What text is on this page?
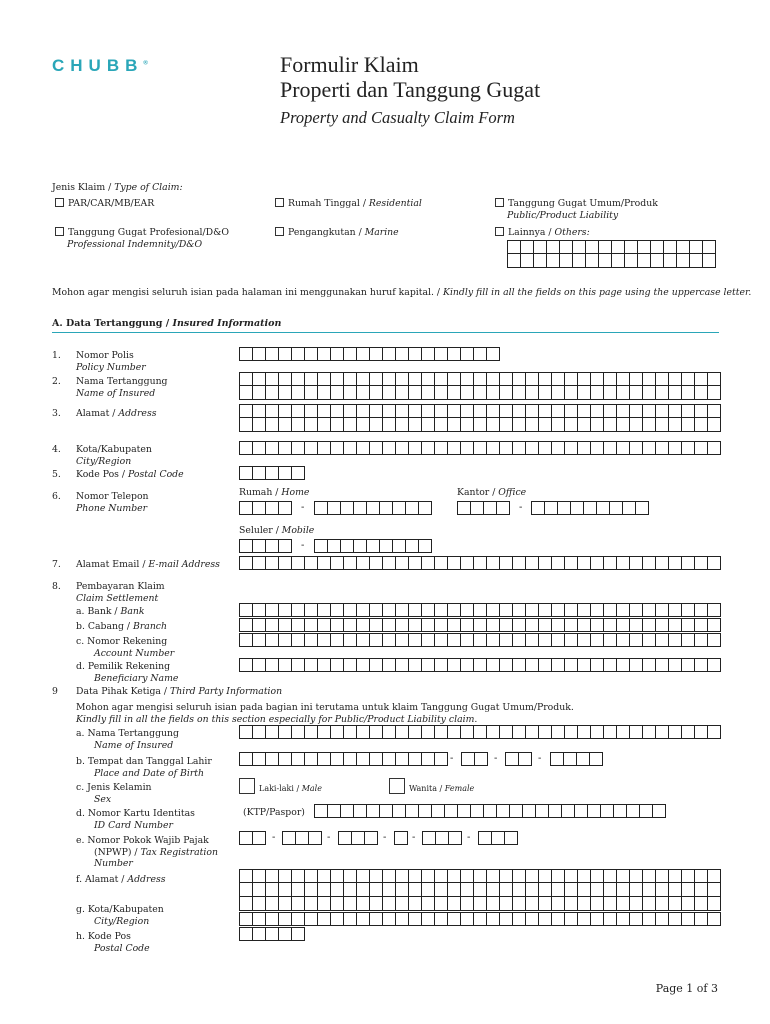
CHUBB®	Formulir Klaim
Properti dan Tanggung Gugat
Property and Casualty Claim Form
Jenis Klaim / Type of Claim:
PAR/CAR/MB/EAR	Rumah Tinggal / Residential	Tanggung Gugat Umum/Produk
Public/Product Liability
Tanggung Gugat Profesional/D&O
Professional Indemnity/D&O
Pengangkutan / Marine	Lainnya / Others:
Mohon agar mengisi seluruh isian pada halaman ini menggunakan huruf kapital. / Kindly fill in all the fields on this page using the uppercase letter.
A. Data Tertanggung / Insured Information
1. Nomor Polis
Policy Number
2. Nama Tertanggung
Name of Insured
3. Alamat / Address
4. Kota/Kabupaten
City/Region
5. Kode Pos / Postal Code
6. Nomor Telepon
Phone Number
Rumah / Home
-
Kantor / Office
-
Seluler / Mobile
-
7. Alamat Email / E-mail Address
8. Pembayaran Klaim
Claim Settlement
a. Bank / Bank
b. Cabang / Branch
c. Nomor Rekening
Account Number
d. Pemilik Rekening
Beneficiary Name
9 Data Pihak Ketiga / Third Party Information
Mohon agar mengisi seluruh isian pada bagian ini terutama untuk klaim Tanggung Gugat Umum/Produk.
Kindly fill in all the fields on this section especially for Public/Product Liability claim.
a. Nama Tertanggung
Name of Insured
b. Tempat dan Tanggal Lahir
Place and Date of Birth
-	-	-
c. Jenis Kelamin
Sex
Laki-laki / Male	Wanita / Female
d. Nomor Kartu Identitas
ID Card Number
(KTP/Paspor)
e. Nomor Pokok Wajib Pajak
(NPWP) / Tax Registration
Number
-	-	-	-	-
f. Alamat / Address
g. Kota/Kabupaten
City/Region
h. Kode Pos
Postal Code
Page 1 of 3
